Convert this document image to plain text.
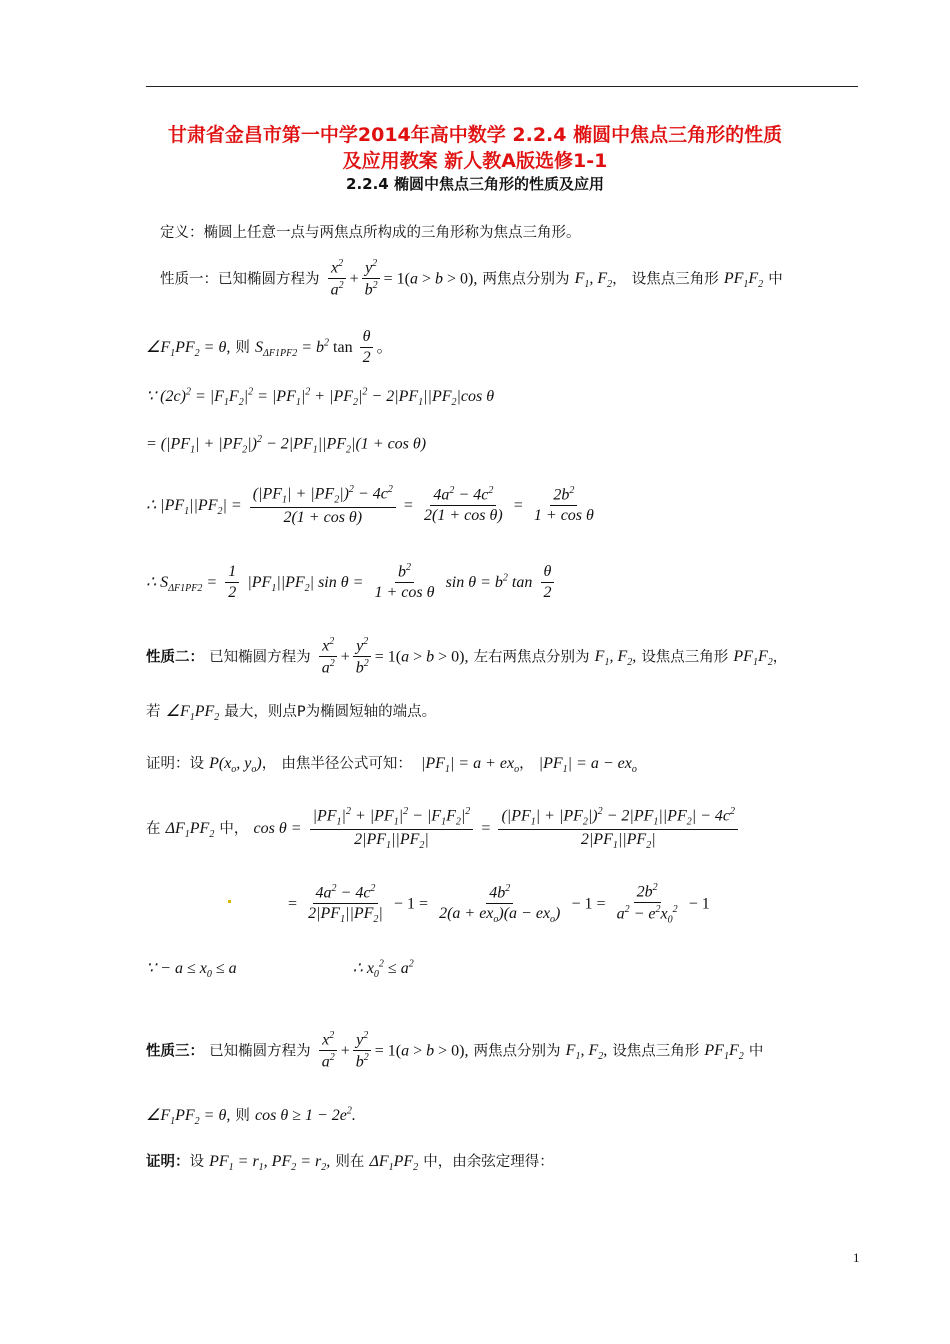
甘肃省金昌市第一中学2014年高中数学 2.2.4 椭圆中焦点三角形的性质
及应用教案 新人教A版选修1-1
2.2.4 椭圆中焦点三角形的性质及应用
定义：椭圆上任意一点与两焦点所构成的三角形称为焦点三角形。
性质一：已知椭圆方程为 $\frac{x^2}{a^2} + \frac{y^2}{b^2} = 1(a > b > 0)$, 两焦点分别为 $F_1$, $F_2$， 设焦点三角形 $PF_1F_2$ 中
$\angle F_1PF_2 = \theta$, 则 $S_{\Delta F1PF2} = b^2$ $\tan \frac{\theta}{2}$ 。
∵ $(2c)^2 = |F_1F_2|^2 = |PF_1|^2 + |PF_2|^2 - 2|PF_1||PF_2|\cos$ θ
= $(|PF_1| + |PF_2|)^2 - 2|PF_1||PF_2|(1 + \cos \theta)$
∴ $|PF_1||PF_2| = \frac{(|PF_1| + |PF_2|)^2 - 4c^2}{\text{2(1 + cos θ)}} = \frac{4a^2 - 4c^2}{\text{2(1 + cos θ)}} = \frac{2b^2}{\text{1 + cos θ}}$
∴ $S_{\Delta F1PF2} = \frac{1}{2} |PF_1||PF_2|$ $\sin \theta = \frac{b^2}{\text{1 + cos θ}}$ $\sin \theta = b^2$ $\tan \frac{\theta}{2}$
性质二： 已知椭圆方程为 $\frac{x^2}{a^2} + \frac{y^2}{b^2} = 1(a > b > 0)$, 左右两焦点分别为 $F_1$, $F_2$, 设焦点三角形 $PF_1F_2$，
若 $\angle F_1PF_2$ 最大，则点P为椭圆短轴的端点。
证明：设 $P(x_o$, $y_o$)， 由焦半径公式可知：  $|PF_1| = a + ex_o$， $|PF_1| = a - ex_o$
在 $\Delta F_1PF_2$ 中， $\cos \theta = \frac{|PF_1|^2 + |PF_1|^2 - |F_1F_2|^2}{2|PF_1||PF_2|} = \frac{(|PF_1| + |PF_2|)^2 - 2|PF_1||PF_2| - 4c^2}{2|PF_1||PF_2|}$
= $\frac{4a^2 - 4c^2}{2|PF_1||PF_2|} - 1 = \frac{4b^2}{2(a + ex_o)(a - ex_o)} - 1 = \frac{2b^2}{a^2 - e^2x_0^2} - 1$
∵ − $a \le x_0 \le a$                             ∴ $x_0^2 \le a^2$
性质三： 已知椭圆方程为 $\frac{x^2}{a^2} + \frac{y^2}{b^2} = 1(a > b > 0)$, 两焦点分别为 $F_1$, $F_2$, 设焦点三角形 $PF_1F_2$ 中
$\angle F_1PF_2 = \theta$, 则 $\cos \theta \ge 1 - 2e^2$.
证明：设 $PF_1 = r_1$, $PF_2 = r_2$, 则在 $\Delta F_1PF_2$ 中，由余弦定理得：
1
